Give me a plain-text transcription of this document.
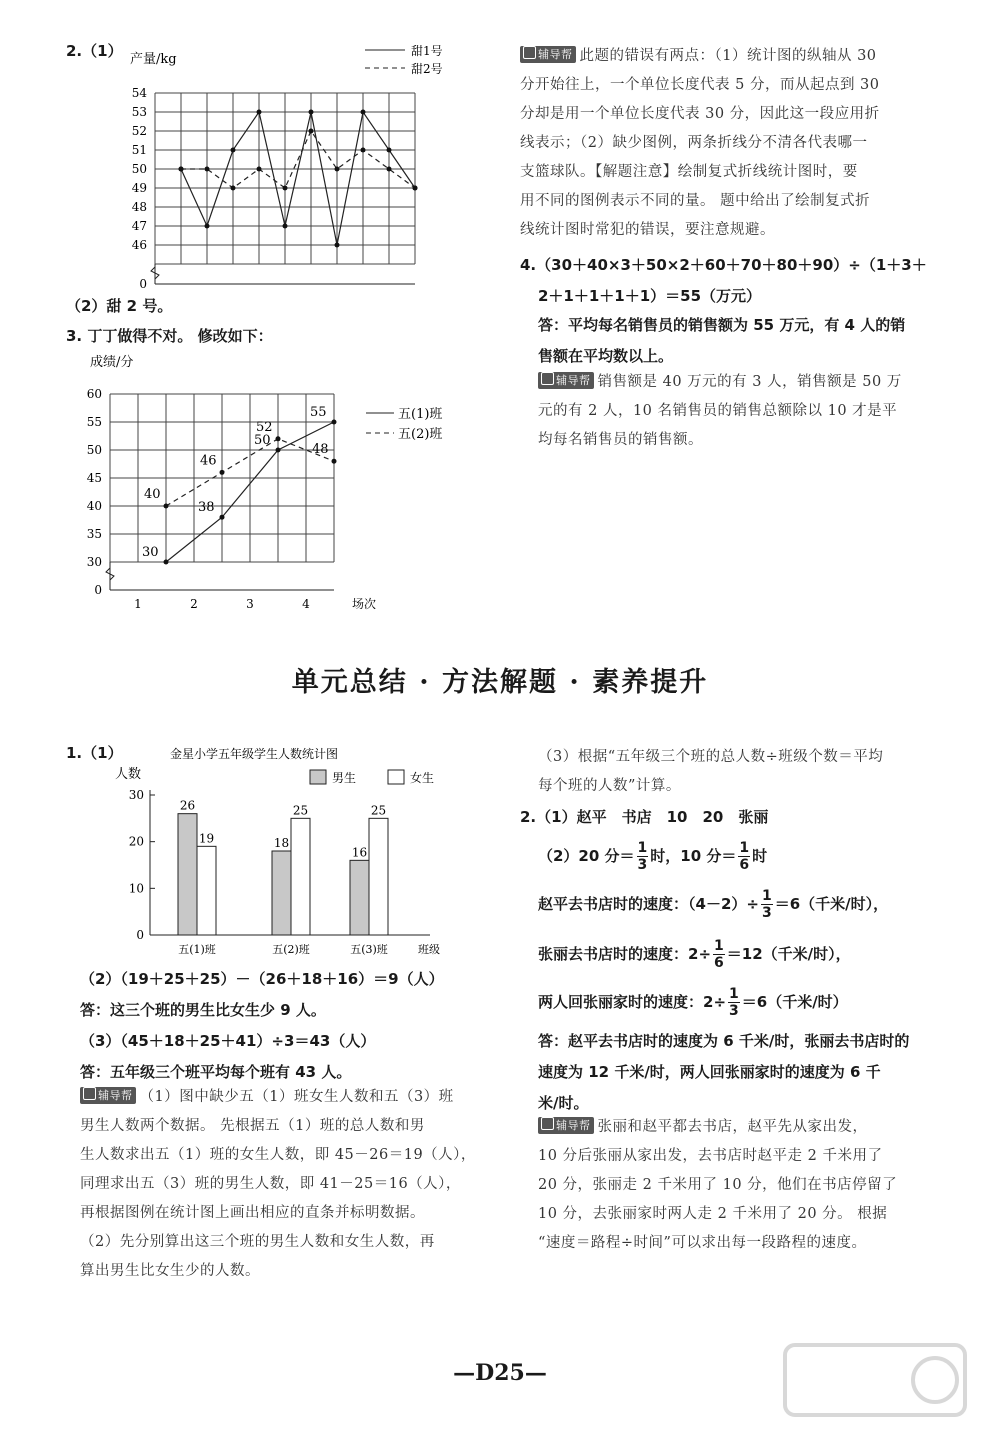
2.（1）
0
46
47
48
49
50
51
52
53
54
产量/kg
甜1号
甜2号
（2）甜 2 号。
3. 丁丁做得不对。 修改如下：
0
30
35
40
45
50
55
60
1	2	3	4	场次
成绩/分
30
38
50
55	五(1)班
40
46
52
48
五(2)班
辅导帮 此题的错误有两点：（1）统计图的纵轴从 30
分开始往上，一个单位长度代表 5 分，而从起点到 30
分却是用一个单位长度代表 30 分，因此这一段应用折
线表示；（2）缺少图例，两条折线分不清各代表哪一
支篮球队。【解题注意】绘制复式折线统计图时，要
用不同的图例表示不同的量。 题中给出了绘制复式折
线统计图时常犯的错误，要注意规避。
4.（30＋40×3＋50×2＋60＋70＋80＋90）÷（1＋3＋
2＋1＋1＋1＋1）＝55（万元）
答：平均每名销售员的销售额为 55 万元，有 4 人的销
售额在平均数以上。
辅导帮 销售额是 40 万元的有 3 人，销售额是 50 万
元的有 2 人，10 名销售员的销售总额除以 10 才是平
均每名销售员的销售额。
单元总结 · 方法解题 · 素养提升
1.（1）	金星小学五年级学生人数统计图
人数
0
10
20
30
26
19
五(1)班
18
25
五(2)班
16
25
五(3)班	班级
男生	女生
（2）（19＋25＋25）－（26＋18＋16）＝9（人）
答：这三个班的男生比女生少 9 人。
（3）（45＋18＋25＋41）÷3＝43（人）
答：五年级三个班平均每个班有 43 人。
辅导帮 （1）图中缺少五（1）班女生人数和五（3）班
男生人数两个数据。 先根据五（1）班的总人数和男
生人数求出五（1）班的女生人数，即 45－26＝19（人），
同理求出五（3）班的男生人数，即 41－25＝16（人），
再根据图例在统计图上画出相应的直条并标明数据。
（2）先分别算出这三个班的男生人数和女生人数，再
算出男生比女生少的人数。
（3）根据“五年级三个班的总人数÷班级个数＝平均
每个班的人数”计算。
2.（1）赵平　书店　10　20　张丽
（2）20 分＝ $\frac{1}{3}$ 时，10 分＝ $\frac{1}{6}$ 时
赵平去书店时的速度：$(4-2)\div \frac{1}{3} =6$（千米/时），
张丽去书店时的速度：$2\div \frac{1}{6} =12$（千米/时），
两人回张丽家时的速度：$2\div \frac{1}{3} =6$（千米/时）
答：赵平去书店时的速度为 6 千米/时，张丽去书店时的
速度为 12 千米/时，两人回张丽家时的速度为 6 千
米/时。
辅导帮 张丽和赵平都去书店，赵平先从家出发，
10 分后张丽从家出发，去书店时赵平走 2 千米用了
20 分，张丽走 2 千米用了 10 分，他们在书店停留了
10 分，去张丽家时两人走 2 千米用了 20 分。 根据
“速度＝路程÷时间”可以求出每一段路程的速度。
—D25—
